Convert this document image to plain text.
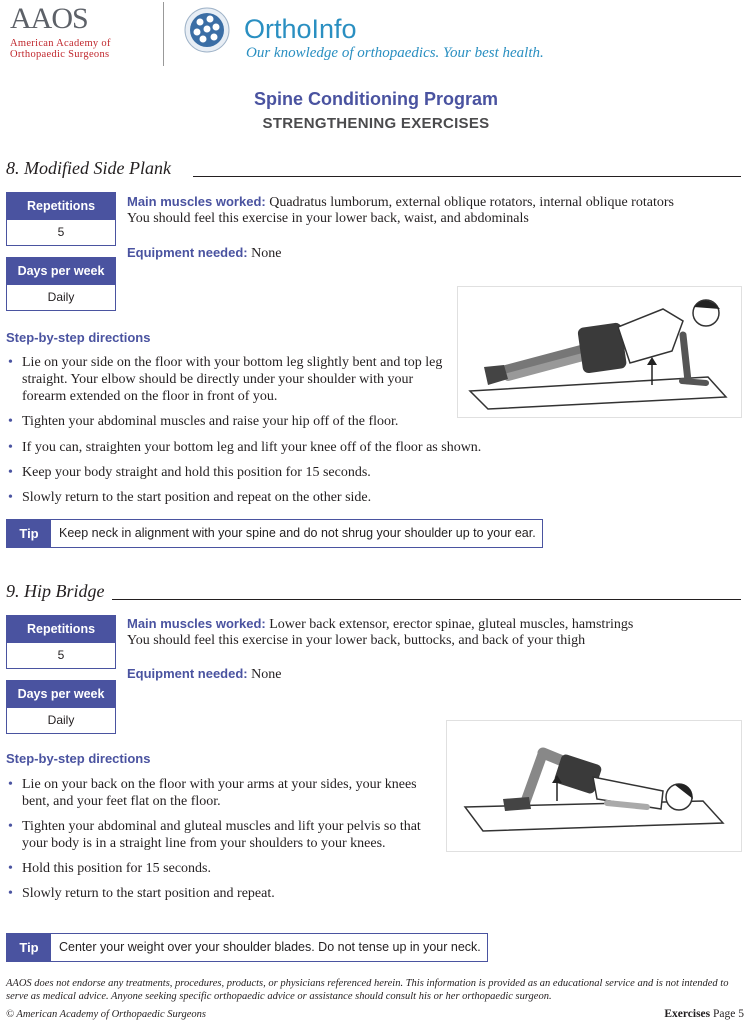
AAOS
American Academy of
Orthopaedic Surgeons
OrthoInfo
Our knowledge of orthopaedics. Your best health.
Spine Conditioning Program
STRENGTHENING EXERCISES
8. Modified Side Plank
Repetitions
5
Days per week
Daily
Main muscles worked: Quadratus lumborum, external oblique rotators, internal oblique rotators
You should feel this exercise in your lower back, waist, and abdominals
Equipment needed: None
Step-by-step directions
• Lie on your side on the floor with your bottom leg slightly bent and top leg straight. Your elbow should be directly under your shoulder with your forearm extended on the floor in front of you.
• Tighten your abdominal muscles and raise your hip off of the floor.
• If you can, straighten your bottom leg and lift your knee off of the floor as shown.
• Keep your body straight and hold this position for 15 seconds.
• Slowly return to the start position and repeat on the other side.
Tip	Keep neck in alignment with your spine and do not shrug your shoulder up to your ear.
9. Hip Bridge
Repetitions
5
Days per week
Daily
Main muscles worked: Lower back extensor, erector spinae, gluteal muscles, hamstrings
You should feel this exercise in your lower back, buttocks, and back of your thigh
Equipment needed: None
Step-by-step directions
• Lie on your back on the floor with your arms at your sides, your knees bent, and your feet flat on the floor.
• Tighten your abdominal and gluteal muscles and lift your pelvis so that your body is in a straight line from your shoulders to your knees.
• Hold this position for 15 seconds.
• Slowly return to the start position and repeat.
Tip	Center your weight over your shoulder blades. Do not tense up in your neck.
AAOS does not endorse any treatments, procedures, products, or physicians referenced herein. This information is provided as an educational service and is not intended to serve as medical advice. Anyone seeking specific orthopaedic advice or assistance should consult his or her orthopaedic surgeon.
© American Academy of Orthopaedic Surgeons	Exercises Page 5
